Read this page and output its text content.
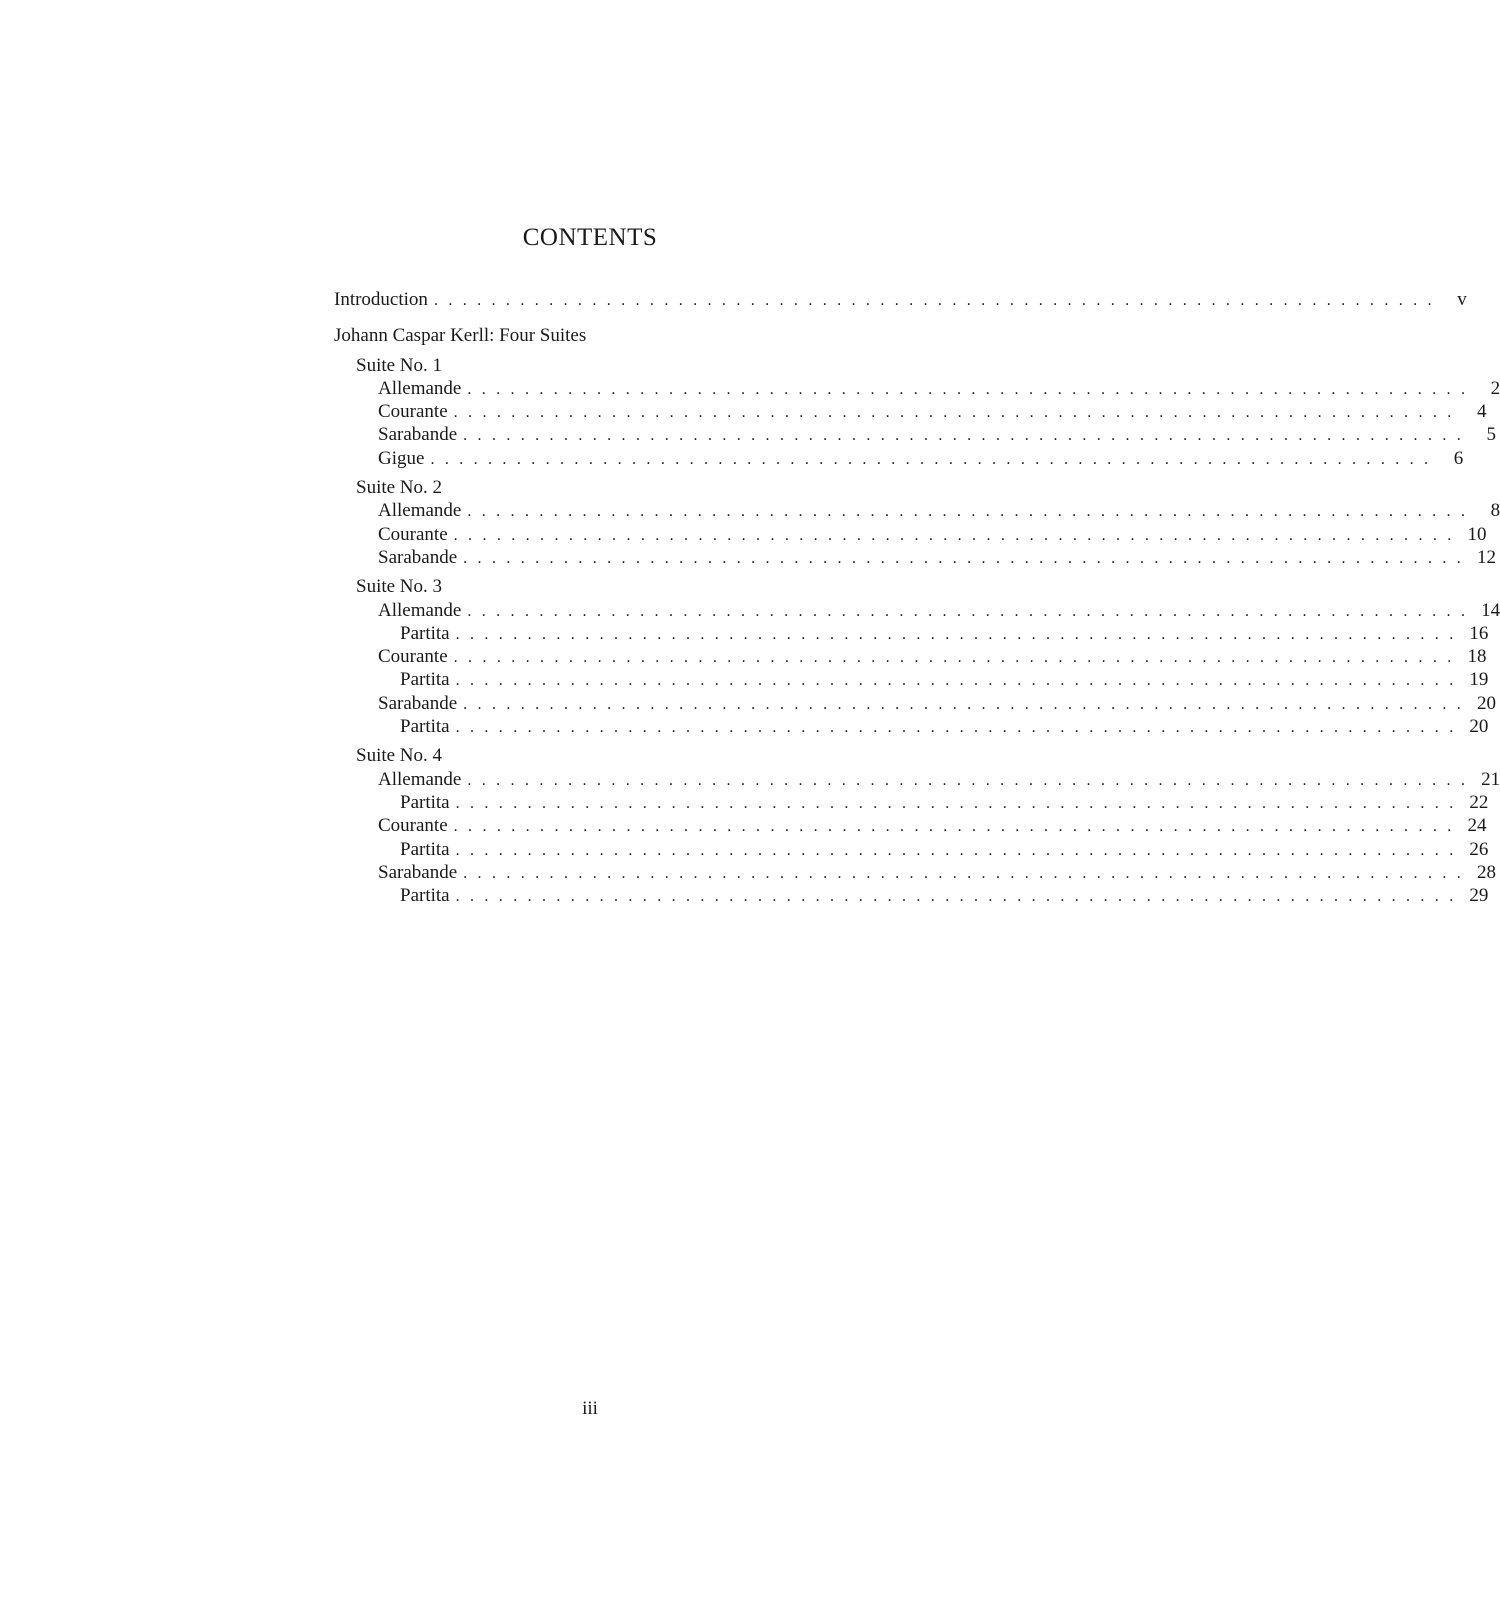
CONTENTS
Introduction . . . . . . . . . . . . . . . . . . . . . . . . . . . . . . . . . . . . . . . . . . . . . . . . . . . . . . . . . . . . . . . . . . . . . .	v
Johann Caspar Kerll: Four Suites
Suite No. 1
Allemande . . . . . . . . . . . . . . . . . . . . . . . . . . . . . . . . . . . . . . . . . . . . . . . . . . . . . . . . . . . . . . . . . . . . . .	2
Courante . . . . . . . . . . . . . . . . . . . . . . . . . . . . . . . . . . . . . . . . . . . . . . . . . . . . . . . . . . . . . . . . . . . . . .	4
Sarabande . . . . . . . . . . . . . . . . . . . . . . . . . . . . . . . . . . . . . . . . . . . . . . . . . . . . . . . . . . . . . . . . . . . . . .	5
Gigue . . . . . . . . . . . . . . . . . . . . . . . . . . . . . . . . . . . . . . . . . . . . . . . . . . . . . . . . . . . . . . . . . . . . . .	6
Suite No. 2
Allemande . . . . . . . . . . . . . . . . . . . . . . . . . . . . . . . . . . . . . . . . . . . . . . . . . . . . . . . . . . . . . . . . . . . . . .	8
Courante . . . . . . . . . . . . . . . . . . . . . . . . . . . . . . . . . . . . . . . . . . . . . . . . . . . . . . . . . . . . . . . . . . . . . . 10
Sarabande . . . . . . . . . . . . . . . . . . . . . . . . . . . . . . . . . . . . . . . . . . . . . . . . . . . . . . . . . . . . . . . . . . . . . . 12
Suite No. 3
Allemande . . . . . . . . . . . . . . . . . . . . . . . . . . . . . . . . . . . . . . . . . . . . . . . . . . . . . . . . . . . . . . . . . . . . . . 14
Partita . . . . . . . . . . . . . . . . . . . . . . . . . . . . . . . . . . . . . . . . . . . . . . . . . . . . . . . . . . . . . . . . . . . . . . 16
Courante . . . . . . . . . . . . . . . . . . . . . . . . . . . . . . . . . . . . . . . . . . . . . . . . . . . . . . . . . . . . . . . . . . . . . . 18
Partita . . . . . . . . . . . . . . . . . . . . . . . . . . . . . . . . . . . . . . . . . . . . . . . . . . . . . . . . . . . . . . . . . . . . . . 19
Sarabande . . . . . . . . . . . . . . . . . . . . . . . . . . . . . . . . . . . . . . . . . . . . . . . . . . . . . . . . . . . . . . . . . . . . . . 20
Partita . . . . . . . . . . . . . . . . . . . . . . . . . . . . . . . . . . . . . . . . . . . . . . . . . . . . . . . . . . . . . . . . . . . . . . 20
Suite No. 4
Allemande . . . . . . . . . . . . . . . . . . . . . . . . . . . . . . . . . . . . . . . . . . . . . . . . . . . . . . . . . . . . . . . . . . . . . . 21
Partita . . . . . . . . . . . . . . . . . . . . . . . . . . . . . . . . . . . . . . . . . . . . . . . . . . . . . . . . . . . . . . . . . . . . . . 22
Courante . . . . . . . . . . . . . . . . . . . . . . . . . . . . . . . . . . . . . . . . . . . . . . . . . . . . . . . . . . . . . . . . . . . . . . 24
Partita . . . . . . . . . . . . . . . . . . . . . . . . . . . . . . . . . . . . . . . . . . . . . . . . . . . . . . . . . . . . . . . . . . . . . . 26
Sarabande . . . . . . . . . . . . . . . . . . . . . . . . . . . . . . . . . . . . . . . . . . . . . . . . . . . . . . . . . . . . . . . . . . . . . . 28
Partita . . . . . . . . . . . . . . . . . . . . . . . . . . . . . . . . . . . . . . . . . . . . . . . . . . . . . . . . . . . . . . . . . . . . . . 29
iii
